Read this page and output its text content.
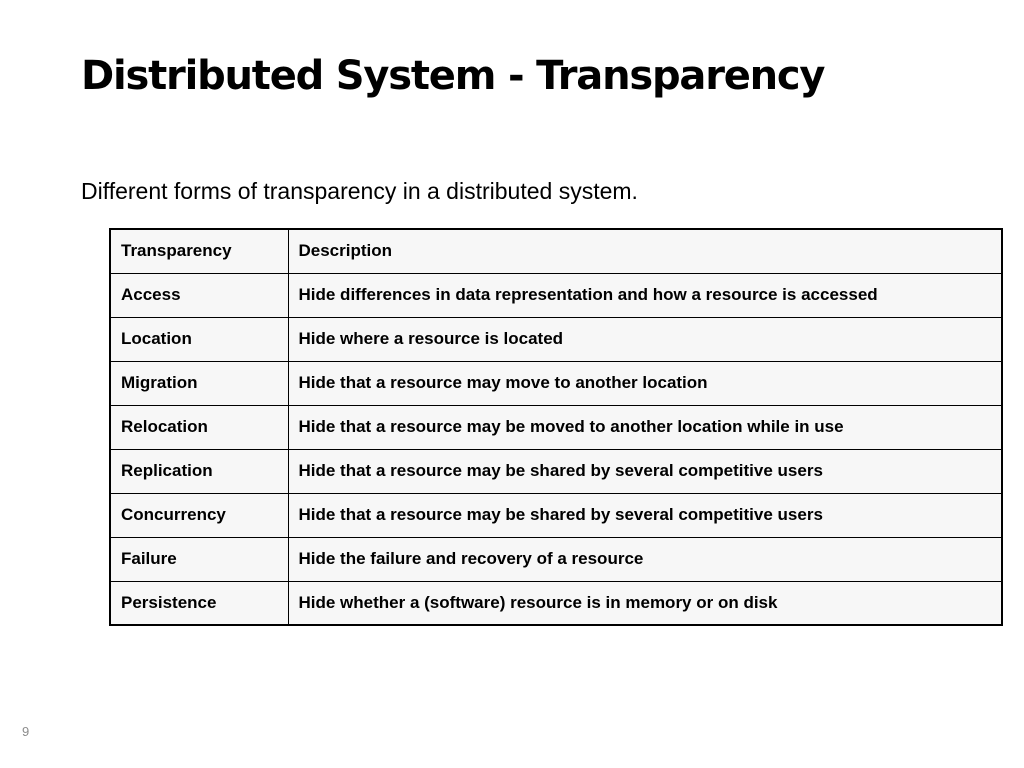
Distributed System - Transparency

Different forms of transparency in a distributed system.

Transparency	Description
Access	Hide differences in data representation and how a resource is accessed
Location	Hide where a resource is located
Migration	Hide that a resource may move to another location
Relocation	Hide that a resource may be moved to another location while in use
Replication	Hide that a resource may be shared by several competitive users
Concurrency	Hide that a resource may be shared by several competitive users
Failure	Hide the failure and recovery of a resource
Persistence	Hide whether a (software) resource is in memory or on disk
9
